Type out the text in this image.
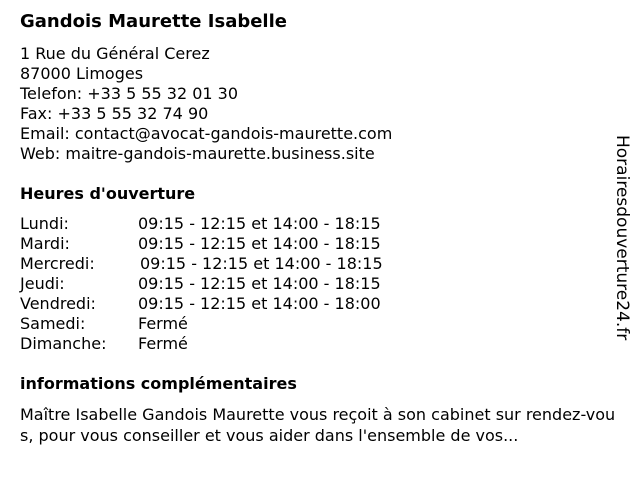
Gandois Maurette Isabelle
1 Rue du Général Cerez
87000 Limoges
Telefon: +33 5 55 32 01 30
Fax: +33 5 55 32 74 90
Email: contact@avocat-gandois-maurette.com
Web: maitre-gandois-maurette.business.site
Heures d'ouverture
Lundi:	09:15 - 12:15 et 14:00 - 18:15
Mardi:	09:15 - 12:15 et 14:00 - 18:15
Mercredi:	09:15 - 12:15 et 14:00 - 18:15
Jeudi:	09:15 - 12:15 et 14:00 - 18:15
Vendredi:	09:15 - 12:15 et 14:00 - 18:00
Samedi:	Fermé
Dimanche: Fermé
informations complémentaires
Maître Isabelle Gandois Maurette vous reçoit à son cabinet sur rendez-vous, pour vous conseiller et vous aider dans l'ensemble de vos...
Horairesdouverture24.fr
